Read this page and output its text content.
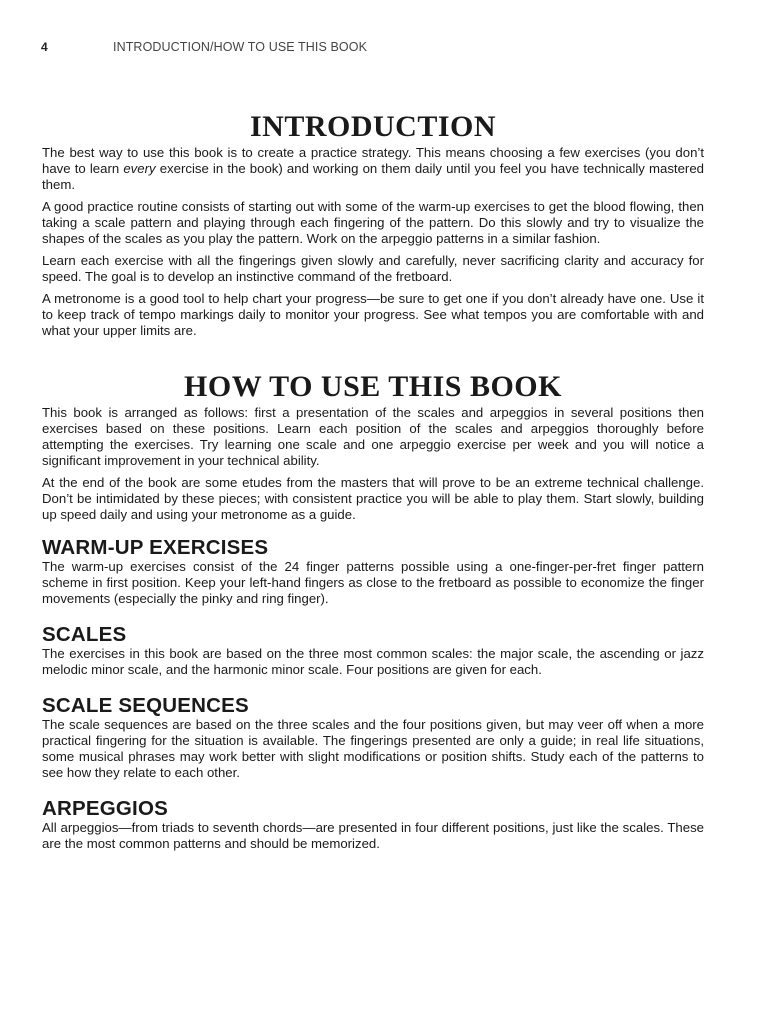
4	INTRODUCTION/HOW TO USE THIS BOOK
INTRODUCTION

The best way to use this book is to create a practice strategy. This means choosing a few exercises (you don’t have to learn every exercise in the book) and working on them daily until you feel you have technically mastered them.

A good practice routine consists of starting out with some of the warm-up exercises to get the blood flowing, then taking a scale pattern and playing through each fingering of the pattern. Do this slowly and try to visualize the shapes of the scales as you play the pattern. Work on the arpeggio patterns in a similar fashion.

Learn each exercise with all the fingerings given slowly and carefully, never sacrificing clarity and accuracy for speed. The goal is to develop an instinctive command of the fretboard.

A metronome is a good tool to help chart your progress—be sure to get one if you don’t already have one. Use it to keep track of tempo markings daily to monitor your progress. See what tempos you are comfortable with and what your upper limits are.

HOW TO USE THIS BOOK

This book is arranged as follows: first a presentation of the scales and arpeggios in several positions then exercises based on these positions. Learn each position of the scales and arpeggios thoroughly before attempting the exercises. Try learning one scale and one arpeggio exercise per week and you will notice a significant improvement in your technical ability.

At the end of the book are some etudes from the masters that will prove to be an extreme technical challenge. Don’t be intimidated by these pieces; with consistent practice you will be able to play them. Start slowly, building up speed daily and using your metronome as a guide.

WARM-UP EXERCISES

The warm-up exercises consist of the 24 finger patterns possible using a one-finger-per-fret finger pattern scheme in first position. Keep your left-hand fingers as close to the fretboard as possible to economize the finger movements (especially the pinky and ring finger).

SCALES

The exercises in this book are based on the three most common scales: the major scale, the ascending or jazz melodic minor scale, and the harmonic minor scale. Four positions are given for each.

SCALE SEQUENCES

The scale sequences are based on the three scales and the four positions given, but may veer off when a more practical fingering for the situation is available. The fingerings presented are only a guide; in real life situations, some musical phrases may work better with slight modifications or position shifts. Study each of the patterns to see how they relate to each other.

ARPEGGIOS

All arpeggios—from triads to seventh chords—are presented in four different positions, just like the scales. These are the most common patterns and should be memorized.
